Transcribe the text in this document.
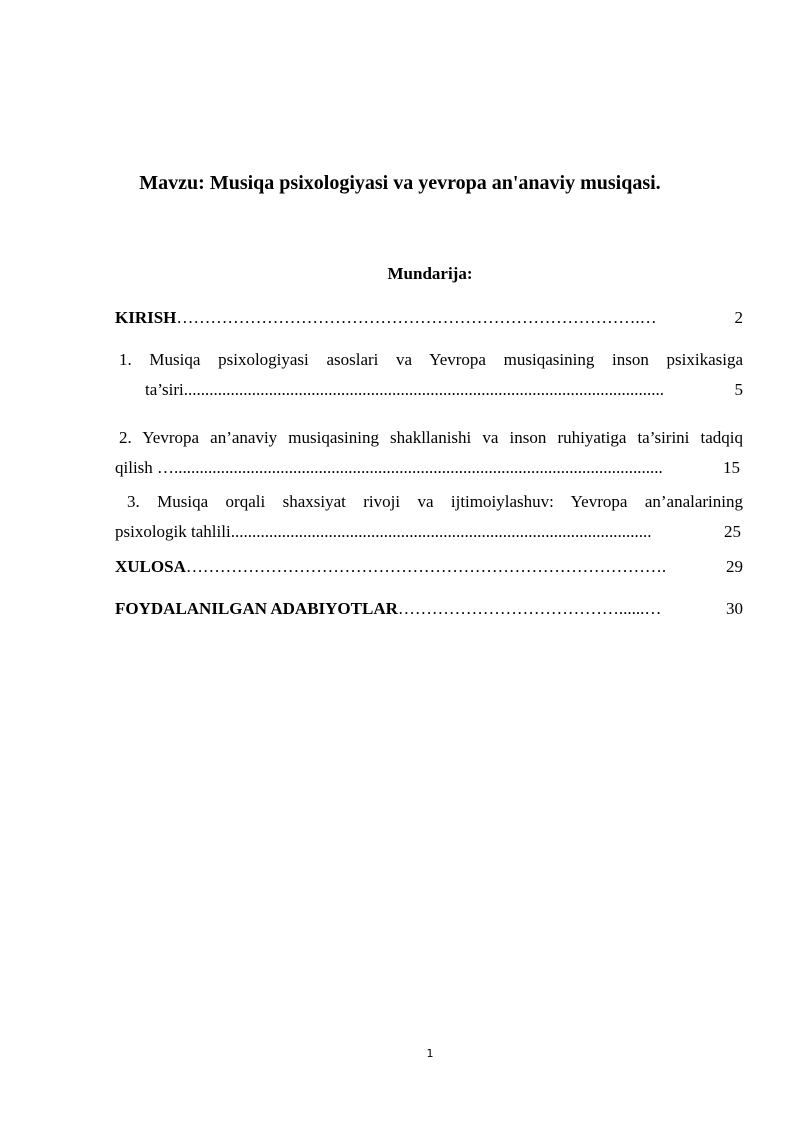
Mavzu: Musiqa psixologiyasi va yevropa an'anaviy musiqasi.
Mundarija:
KIRISH ……………………………………………………………………….…	2
1. Musiqa psixologiyasi asoslari va Yevropa musiqasining inson psixikasiga
ta’siri .................................................................................................................	5
2. Yevropa an’anaviy musiqasining shakllanishi va inson ruhiyatiga ta’sirini tadqiq
qilish … ...................................................................................................................	15
3. Musiqa orqali shaxsiyat rivoji va ijtimoiylashuv: Yevropa an’analarining
psixologik tahlili ...................................................................................................	25
XULOSA ………………………………………………………………………….	29
FOYDALANILGAN ADABIYOTLAR …………………………………......…	30
1
